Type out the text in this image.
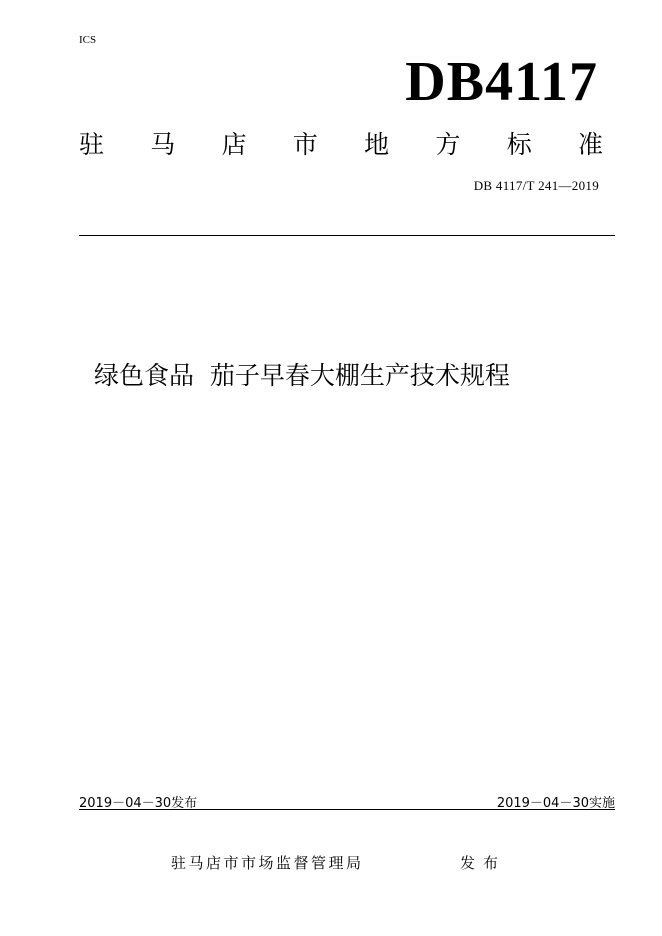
ICS
DB4117
驻 马 店 市 地 方 标 准
DB 4117/T 241—2019
绿色食品  茄子早春大棚生产技术规程
2019－04－30发布	2019－04－30实施
驻马店市市场监督管理局	发布
